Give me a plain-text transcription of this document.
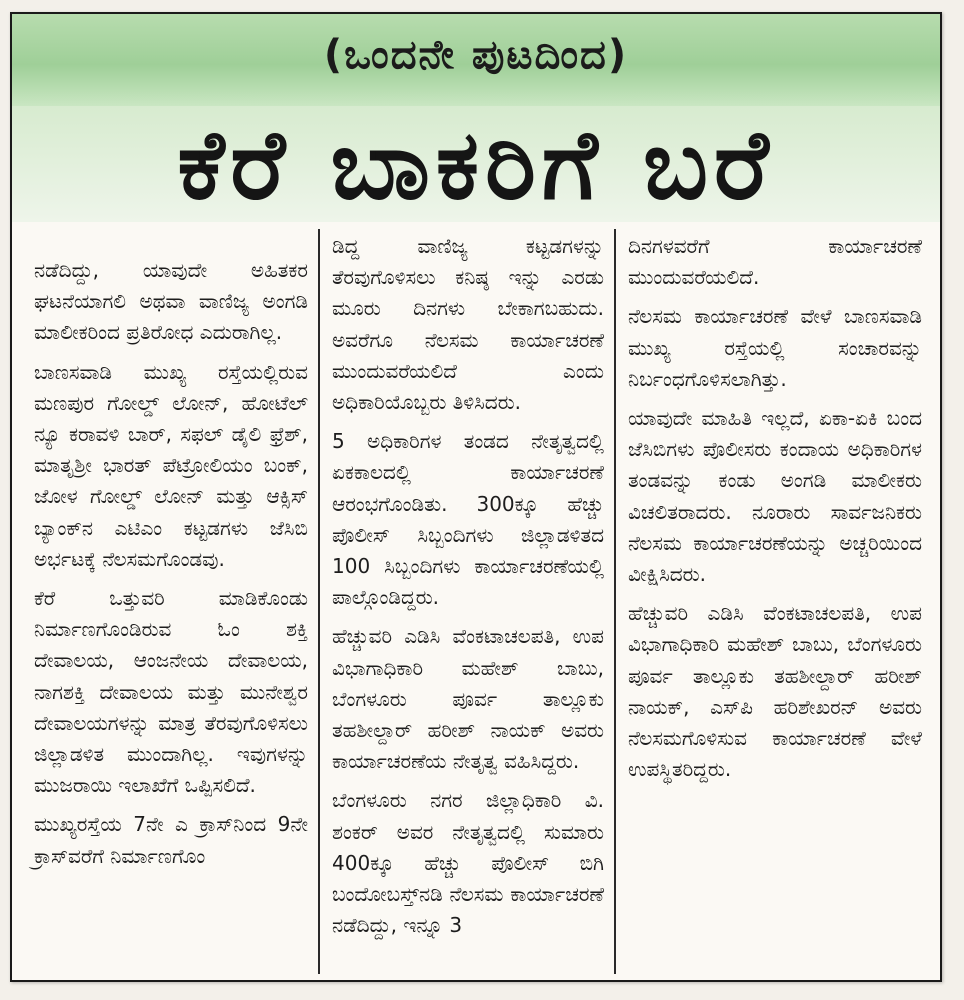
(ಒಂದನೇ ಪುಟದಿಂದ)
ಕೆರೆ ಬಾಕರಿಗೆ ಬರೆ

ನಡೆದಿದ್ದು, ಯಾವುದೇ ಅಹಿತಕರ ಘಟನೆಯಾಗಲಿ ಅಥವಾ ವಾಣಿಜ್ಯ ಅಂಗಡಿ ಮಾಲೀಕರಿಂದ ಪ್ರತಿರೋಧ ಎದುರಾಗಿಲ್ಲ.

ಬಾಣಸವಾಡಿ ಮುಖ್ಯ ರಸ್ತೆಯಲ್ಲಿರುವ ಮಣಪುರ ಗೋಲ್ಡ್ ಲೋನ್, ಹೋಟೆಲ್ ನ್ಯೂ ಕರಾವಳಿ ಬಾರ್, ಸಫಲ್ ಡೈಲಿ ಫ್ರೆಶ್, ಮಾತೃಶ್ರೀ ಭಾರತ್ ಪೆಟ್ರೋಲಿಯಂ ಬಂಕ್, ಜೋಳ ಗೋಲ್ಡ್ ಲೋನ್ ಮತ್ತು ಆಕ್ಸಿಸ್ ಬ್ಯಾಂಕ್‌ನ ಎಟಿಎಂ ಕಟ್ಟಡಗಳು ಜೆಸಿಬಿ ಅರ್ಭಟಕ್ಕೆ ನೆಲಸಮಗೊಂಡವು.

ಕೆರೆ ಒತ್ತುವರಿ ಮಾಡಿಕೊಂಡು ನಿರ್ಮಾಣಗೊಂಡಿರುವ ಓಂ ಶಕ್ತಿ ದೇವಾಲಯ, ಆಂಜನೇಯ ದೇವಾಲಯ, ನಾಗಶಕ್ತಿ ದೇವಾಲಯ ಮತ್ತು ಮುನೇಶ್ವರ ದೇವಾಲಯಗಳನ್ನು ಮಾತ್ರ ತೆರವುಗೊಳಿಸಲು ಜಿಲ್ಲಾಡಳಿತ ಮುಂದಾಗಿಲ್ಲ. ಇವುಗಳನ್ನು ಮುಜರಾಯಿ ಇಲಾಖೆಗೆ ಒಪ್ಪಿಸಲಿದೆ.

ಮುಖ್ಯರಸ್ತೆಯ 7ನೇ ಎ ಕ್ರಾಸ್‌ನಿಂದ 9ನೇ ಕ್ರಾಸ್‌ವರೆಗೆ ನಿರ್ಮಾಣಗೊಂ

ಡಿದ್ದ ವಾಣಿಜ್ಯ ಕಟ್ಟಡಗಳನ್ನು ತೆರವುಗೊಳಿಸಲು ಕನಿಷ್ಠ ಇನ್ನು ಎರಡು ಮೂರು ದಿನಗಳು ಬೇಕಾಗಬಹುದು. ಅವರೆಗೂ ನೆಲಸಮ ಕಾರ್ಯಾಚರಣೆ ಮುಂದುವರೆಯಲಿದೆ ಎಂದು ಅಧಿಕಾರಿಯೊಬ್ಬರು ತಿಳಿಸಿದರು.

5 ಅಧಿಕಾರಿಗಳ ತಂಡದ ನೇತೃತ್ವದಲ್ಲಿ ಏಕಕಾಲದಲ್ಲಿ ಕಾರ್ಯಾಚರಣೆ ಆರಂಭಗೊಂಡಿತು. 300ಕ್ಕೂ ಹೆಚ್ಚು ಪೊಲೀಸ್ ಸಿಬ್ಬಂದಿಗಳು ಜಿಲ್ಲಾಡಳಿತದ 100 ಸಿಬ್ಬಂದಿಗಳು ಕಾರ್ಯಾಚರಣೆಯಲ್ಲಿ ಪಾಲ್ಗೊಂಡಿದ್ದರು.

ಹೆಚ್ಚುವರಿ ಎಡಿಸಿ ವೆಂಕಟಾಚಲಪತಿ, ಉಪ ವಿಭಾಗಾಧಿಕಾರಿ ಮಹೇಶ್ ಬಾಬು, ಬೆಂಗಳೂರು ಪೂರ್ವ ತಾಲ್ಲೂಕು ತಹಶೀಲ್ದಾರ್ ಹರೀಶ್ ನಾಯಕ್ ಅವರು ಕಾರ್ಯಾಚರಣೆಯ ನೇತೃತ್ವ ವಹಿಸಿದ್ದರು.

ಬೆಂಗಳೂರು ನಗರ ಜಿಲ್ಲಾಧಿಕಾರಿ ವಿ. ಶಂಕರ್ ಅವರ ನೇತೃತ್ವದಲ್ಲಿ ಸುಮಾರು 400ಕ್ಕೂ ಹೆಚ್ಚು ಪೊಲೀಸ್ ಬಿಗಿ ಬಂದೋಬಸ್ತ್‌ನಡಿ ನೆಲಸಮ ಕಾರ್ಯಾಚರಣೆ ನಡೆದಿದ್ದು, ಇನ್ನೂ 3

ದಿನಗಳವರೆಗೆ ಕಾರ್ಯಾಚರಣೆ ಮುಂದುವರೆಯಲಿದೆ.

ನೆಲಸಮ ಕಾರ್ಯಾಚರಣೆ ವೇಳೆ ಬಾಣಸವಾಡಿ ಮುಖ್ಯ ರಸ್ತೆಯಲ್ಲಿ ಸಂಚಾರವನ್ನು ನಿರ್ಬಂಧಗೊಳಿಸಲಾಗಿತ್ತು.

ಯಾವುದೇ ಮಾಹಿತಿ ಇಲ್ಲದೆ, ಏಕಾ-ಏಕಿ ಬಂದ ಜೆಸಿಬಿಗಳು ಪೊಲೀಸರು ಕಂದಾಯ ಅಧಿಕಾರಿಗಳ ತಂಡವನ್ನು ಕಂಡು ಅಂಗಡಿ ಮಾಲೀಕರು ವಿಚಲಿತರಾದರು. ನೂರಾರು ಸಾರ್ವಜನಿಕರು ನೆಲಸಮ ಕಾರ್ಯಾಚರಣೆಯನ್ನು ಅಚ್ಚರಿಯಿಂದ ವೀಕ್ಷಿಸಿದರು.

ಹೆಚ್ಚುವರಿ ಎಡಿಸಿ ವೆಂಕಟಾಚಲಪತಿ, ಉಪ ವಿಭಾಗಾಧಿಕಾರಿ ಮಹೇಶ್ ಬಾಬು, ಬೆಂಗಳೂರು ಪೂರ್ವ ತಾಲ್ಲೂಕು ತಹಶೀಲ್ದಾರ್ ಹರೀಶ್ ನಾಯಕ್, ಎಸ್‌ಪಿ ಹರಿಶೇಖರನ್ ಅವರು ನೆಲಸಮಗೊಳಿಸುವ ಕಾರ್ಯಾಚರಣೆ ವೇಳೆ ಉಪಸ್ಥಿತರಿದ್ದರು.
